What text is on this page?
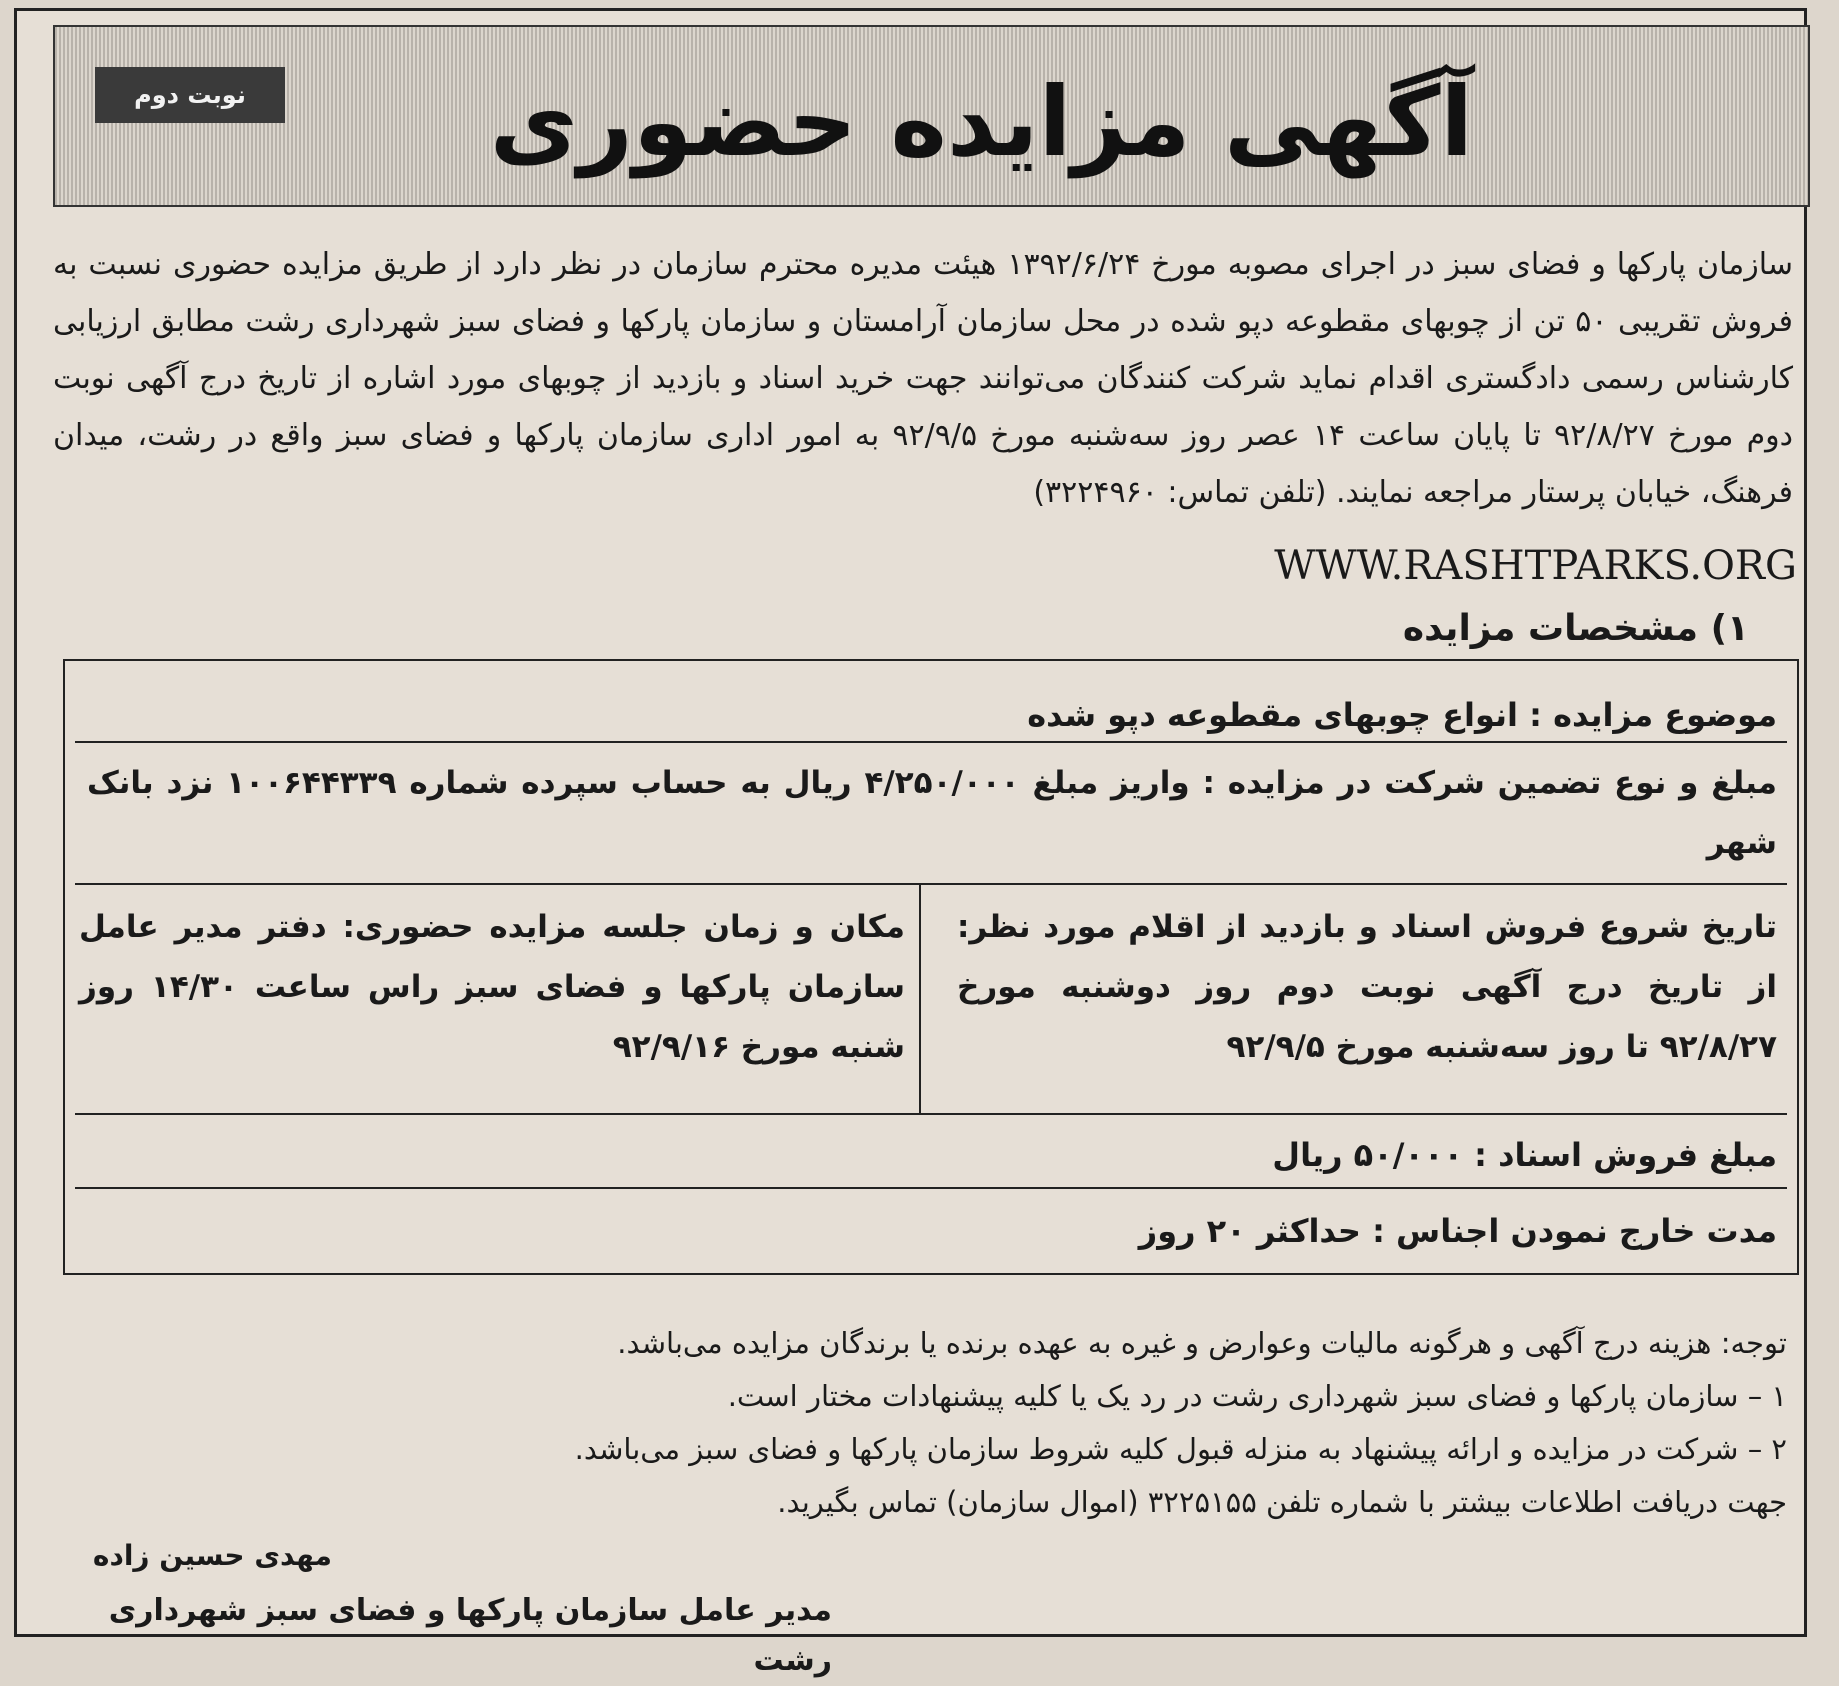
نوبت دوم	آگهی مزایده حضوری
سازمان پارکها و فضای سبز در اجرای مصوبه مورخ ۱۳۹۲/۶/۲۴ هیئت مدیره محترم سازمان در نظر دارد از طریق مزایده حضوری نسبت به فروش تقریبی ۵۰ تن از چوبهای مقطوعه دپو شده در محل سازمان آرامستان و سازمان پارکها و فضای سبز شهرداری رشت مطابق ارزیابی کارشناس رسمی دادگستری اقدام نماید شرکت کنندگان می‌توانند جهت خرید اسناد و بازدید از چوبهای مورد اشاره از تاریخ درج آگهی نوبت دوم مورخ ۹۲/۸/۲۷ تا پایان ساعت ۱۴ عصر روز سه‌شنبه مورخ ۹۲/۹/۵ به امور اداری سازمان پارکها و فضای سبز واقع در رشت، میدان فرهنگ، خیابان پرستار مراجعه نمایند. (تلفن تماس: ۳۲۲۴۹۶۰)
WWW.RASHTPARKS.ORG
۱) مشخصات مزایده
موضوع مزایده : انواع چوبهای مقطوعه دپو شده
مبلغ و نوع تضمین شرکت در مزایده : واریز مبلغ ۴/۲۵۰/۰۰۰ ریال به حساب سپرده شماره ۱۰۰۶۴۴۳۳۹ نزد بانک شهر
تاریخ شروع فروش اسناد و بازدید از اقلام مورد نظر: از تاریخ درج آگهی نوبت دوم روز دوشنبه مورخ ۹۲/۸/۲۷ تا روز سه‌شنبه مورخ ۹۲/۹/۵
مکان و زمان جلسه مزایده حضوری: دفتر مدیر عامل سازمان پارکها و فضای سبز راس ساعت ۱۴/۳۰ روز شنبه مورخ ۹۲/۹/۱۶
مبلغ فروش اسناد : ۵۰/۰۰۰ ریال
مدت خارج نمودن اجناس : حداکثر ۲۰ روز
توجه: هزینه درج آگهی و هرگونه مالیات وعوارض و غیره به عهده برنده یا برندگان مزایده می‌باشد.
۱ – سازمان پارکها و فضای سبز شهرداری رشت در رد یک یا کلیه پیشنهادات مختار است.
۲ – شرکت در مزایده و ارائه پیشنهاد به منزله قبول کلیه شروط سازمان پارکها و فضای سبز می‌باشد.
جهت دریافت اطلاعات بیشتر با شماره تلفن ۳۲۲۵۱۵۵ (اموال سازمان) تماس بگیرید.
مهدی حسین زاده
مدیر عامل سازمان پارکها و فضای سبز شهرداری رشت
